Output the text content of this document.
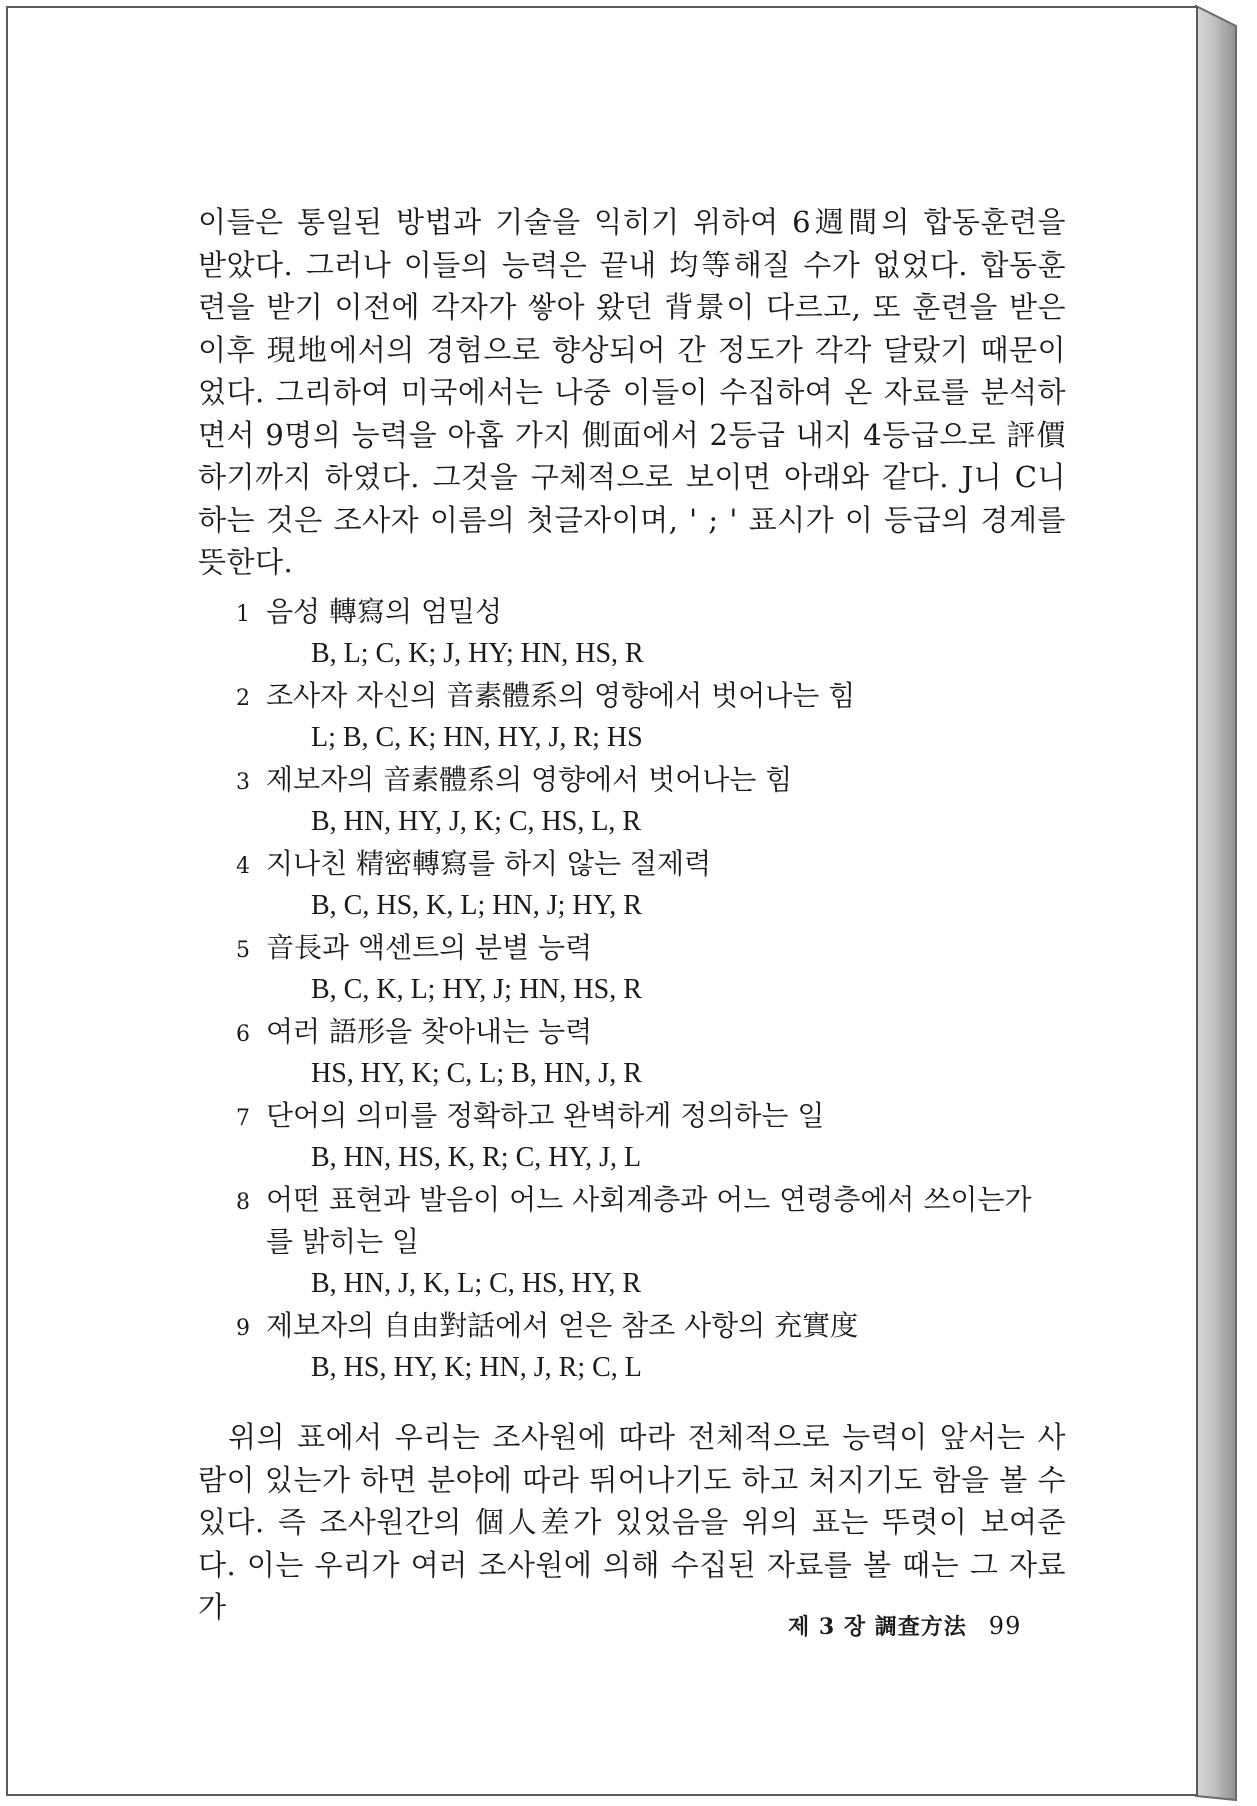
이들은 통일된 방법과 기술을 익히기 위하여 6週間의 합동훈련을 받았다. 그러나 이들의 능력은 끝내 均等해질 수가 없었다. 합동훈련을 받기 이전에 각자가 쌓아 왔던 背景이 다르고, 또 훈련을 받은 이후 現地에서의 경험으로 향상되어 간 정도가 각각 달랐기 때문이었다. 그리하여 미국에서는 나중 이들이 수집하여 온 자료를 분석하면서 9명의 능력을 아홉 가지 側面에서 2등급 내지 4등급으로 評價하기까지 하였다. 그것을 구체적으로 보이면 아래와 같다. J니 C니 하는 것은 조사자 이름의 첫글자이며, ' ; ' 표시가 이 등급의 경계를 뜻한다.

1 음성 轉寫의 엄밀성
B, L; C, K; J, HY; HN, HS, R
2 조사자 자신의 音素體系의 영향에서 벗어나는 힘
L; B, C, K; HN, HY, J, R; HS
3 제보자의 音素體系의 영향에서 벗어나는 힘
B, HN, HY, J, K; C, HS, L, R
4 지나친 精密轉寫를 하지 않는 절제력
B, C, HS, K, L; HN, J; HY, R
5 音長과 액센트의 분별 능력
B, C, K, L; HY, J; HN, HS, R
6 여러 語形을 찾아내는 능력
HS, HY, K; C, L; B, HN, J, R
7 단어의 의미를 정확하고 완벽하게 정의하는 일
B, HN, HS, K, R; C, HY, J, L
8 어떤 표현과 발음이 어느 사회계층과 어느 연령층에서 쓰이는가
를 밝히는 일
B, HN, J, K, L; C, HS, HY, R
9 제보자의 自由對話에서 얻은 참조 사항의 充實度
B, HS, HY, K; HN, J, R; C, L

위의 표에서 우리는 조사원에 따라 전체적으로 능력이 앞서는 사람이 있는가 하면 분야에 따라 뛰어나기도 하고 처지기도 함을 볼 수 있다. 즉 조사원간의 個人差가 있었음을 위의 표는 뚜렷이 보여준다. 이는 우리가 여러 조사원에 의해 수집된 자료를 볼 때는 그 자료가

제 3 장 調査方法 99
